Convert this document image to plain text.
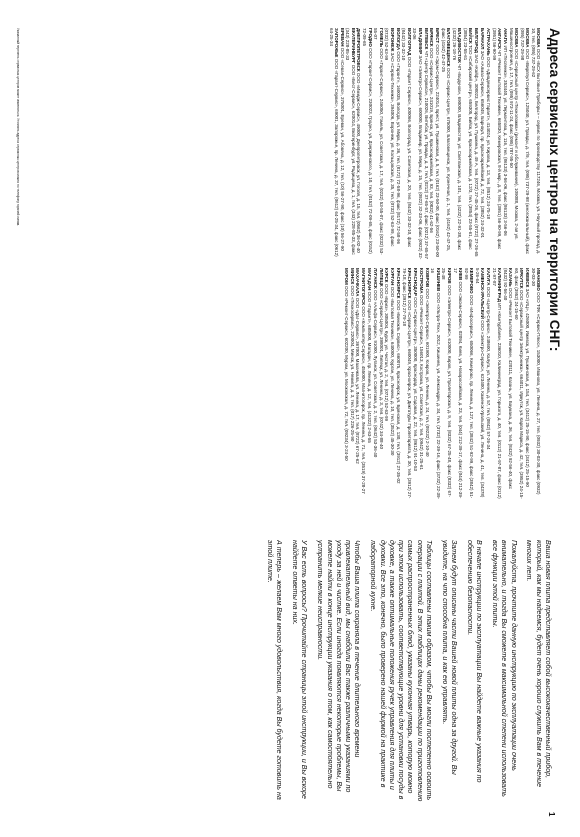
Адреса сервисных центров на территории СНГ:
МОСКВА ООО «БСХ Бытовые Приборы» – сервис по производству 117246, Москва, ул. Научный проезд, д. 10, тел. (095) 737-29-62
МОСКВА ООО «Вирлпул Сервис», 125040, ул. Правды, д. 7/9, тел. (095) 737-29-98 (многоканальный), факс (095) 737-29-98
МОСКВА ООО «Сервисный центр «Техноложка» (ремонт и обслуживание), 109088, Москва, 2-ая ул. Машиностроения, д. 17, тел. (095) 973-11-24, факс (095) 787-95-50
АНАПА ИП «Тесленко», 353440, ул. Лермонтова, д. 116, тел. (86133) 3-56-06, факс (86133) 3-56-06
АНГАРСК ЧП «Ремонт Бытовой Техники», 665830, Кемеровская, 8-й мкр., д. 8, тел. (3951) 56-90-99, факс (3951) 56-90-99
АСТРАХАНЬ ООО «Диадемсервис Гарант», 414024, ул. Кирова, д. 13, тел. (8512) 24-75-18
БАРНАУЛ ЗАО «Алмаз-Сервис», 656049, Барнаул, пр. Красноармейский, д. 72, тел. (3852) 24-32-01
БЕЛГОРОД ЗАО «Кайф», 308023, Белгород, ул. Пушкина, д. 49 А, тел. (0722) 27-45-26, факс (0722) 27-26-65
БИЙСК ТОО «Сибирский центр», 659305, Бийск, ул. Красноармейская, д. 12/3, тел. (3854) 23-55-61, факс (3854) 23-55-61
ВЛАДИВОСТОК ЧП «Бодунов», 690000, Владивосток, ул. Светланская, д. 101, тел. (4232) 22-91-38, факс (4232) 26-18-76
БЛАГОВЕЩЕНСК ООО «Сервис-Центр», 675000, Благовещенск, ул. Кузнечная, д. 1, тел. (4162) 42-47-25, факс (4162) 42-47-25
БРЕСТ ООО «Эдэм-Сервис», 224014, Брест, ул. Пушкинская, д. 5, тел. (0162) 23-50-00, факс (0162) 23-50-00
БРЯНСК ООО «Сервис-Центр», 241019, Брянск, ул. Красноармейская, д. 93, тел. (0832) 41-62-56
ВИТЕБСК ЧП «Центр Сервиса», 210026, Витебск, ул. Правды, д. 3, тел. (0212) 37-65-57, факс (0212) 37-65-57
ВЛАДИМИР ЗАО «Электро-Сервис», 600000, Владимир, ул. Мира, д. 15, тел. (0922) 32-33-06, факс (0922) 32-33-06
ВОЛГОГРАД ООО «Гарант Сервис», 400066, Волгоград, ул. Советская, д. 20, тел. (8442) 33-32-10, факс (8442) 33-32-10
ВОЛОГДА ООО «Гарант», 160035, Вологда, ул. Мира, д. 36, тел. (8172) 72-58-96, факс (8172) 72-58-96
ВОРОНЕЖ ЗАО «Сервис-Техника», 394006, Воронеж, ул. Кольцовская, д. 35, тел. (0732) 52-63-99, факс (0732) 52-63-99
ГОМЕЛЬ ООО «Гарант-Сервис», 246050, Гомель, ул. Советская, д. 17, тел. (0232) 53-55-07, факс (0232) 53-55-07
ГРОДНО ООО «Гарант-Сервис», 230023, Гродно, ул. Дзержинского, д. 10, тел. (0152) 72-09-65, факс (0152) 72-09-65
ДНЕПРОПЕТРОВСК ООО «Имидж-Сервис», 49000, Днепропетровск, ул. Гоголя, д. 15, тел. (0562) 36-02-40
ЕКАТЕРИНБУРГ ООО «Бест-Сервис», 620014, Екатеринбург, ул. Радищева, д. 1, тел. (343) 228-85-33, факс (343) 228-85-33
ЕРЕВАН ООО «Севан-Сервис», 375001, Ереван, ул. Абовяна, д. 12, тел. (10) 56-27-90, факс (10) 56-27-90
ЗАПОРОЖЬЕ ООО «Гарант-Сервис», 69001, Запорожье, пр. Ленина, д. 37, тел. (0612) 64-25-34, факс (0612) 64-25-34
ИВАНОВО ООО ТФК «Сервис-Плюс», 153000, Иваново, ул. Ленина, д. 27, тел. (0932) 30-03-30, факс (0932) 30-03-30
ИЖЕВСК ЗАО «ИЦ», 426000, Ижевск, ул. Пушкинская, д. 154, тел. (3412) 25-15-90, факс (3412) 25-15-90
ИРКУТСК ООО «Сервисный центр Электроника», 664011, Иркутск, ул. Карла Маркса, д. 42, тел. (3952) 24-15-60, факс (3952) 24-15-60
КАЗАНЬ ООО «Ремонт Бытовой Техники», 420111, Казань, ул. Баумана, д. 36, тел. (8432) 92-56-40, факс (8432) 92-56-40
КАЛИНИНГРАД ИП «Кантурбаев», 236010, Калининград, ул. Горького, д. 40, тел. (0112) 21-97-87, факс (0112) 21-97-87
КАЛУГА ООО «Центр-Сервис», 248600, Калуга, ул. Ленина, д. 57, тел. (0842) 57-26-34
КАМЕНСК-УРАЛЬСКИЙ ООО «Электро-Сервис», 623400, Каменск-Уральский, ул. Ленина, д. 41, тел. (34378) 5-26-64
КЕМЕРОВО ООО «Инфосервис», 650066, Кемерово, пр. Ленина, д. 127, тел. (3842) 51-92-99, факс (3842) 51-92-99
КИЕВ ООО «Эксим-Сервис», 02094, Киев, ул. Новороссийская, д. 23, тел. (044) 212-39-17, факс (044) 212-39-17
КИРОВ ООО «Электро-Сервис», 610000, Киров, ул. Пролетарская, д. 9, тел. (8332) 67-25-48, факс (8332) 67-25-48
КИШИНЕВ ООО «Ультра-Тех», 2012, Кишинев, ул. Александри, д. 34, тел. (3732) 22-39-16, факс (3732) 22-39-16
КОВРОВ ООО «Электро-Сервис», 601900, Ковров, ул. Ленина, д. 24, тел. (09232) 2-10-40
КОСТРОМА ООО «Ремонт-Сервис», 156013, Кострома, ул. Советская, д. 2, тел. (0942) 31-25-61
КРАСНОДАР ООО «Сервис-Центр», 350000, Краснодар, ул. Садовая, д. 22, тел. (8612) 91-10-53
КРАСНОЯРСК ООО «Сервис-Центр», 660049, Красноярск, ул. Диктатуры Пролетариата, д. 30, тел. (3912) 27-79-18, факс (3912) 27-79-18
КРАСНОЯРСК ООО «Бинокль Сервис», 660075, Красноярск, ул. Брянская, д. 130, тел. (3912) 27-35-02
КУРГАН ООО «Бытовая Техника», 640000, Курган, ул. Ленина, д. 10, тел. (3522) 45-30-30
КУРСК ООО «Бриз», 305004, Курск, ул. Чистая, д. 2, тел. (0712) 52-63-99
ЛИПЕЦК ООО «Сервис-Центр», 398001, Липецк, ул. Ленина, д. 3, тел. (0742) 34-88-40
ЛУГАНСК ООО «Альфа-Сервис», 91000, Луганск, ул. Советская, д. 2, тел. (0642) 53-36-40
МАГАДАН ООО «Гарант», 685000, Магадан, пр. Ленина, д. 12, тел. (41322) 2-63-55
МАГНИТОГОРСК ООО «Компьютер-Сервис», 455000, Магнитогорск, пр. Ленина, д. 71, тел. (3519) 37-28-27
МАХАЧКАЛА ООО «Даг-Сервис», 367000, Махачкала, ул. Ленина, д. 17, тел. (8722) 67-25-62
МИНСК ООО «Техносервис», 220004, Минск, ул. Немига, д. 3, тел. (017) 226-25-90
МУРОМ ООО «Ремонт-Сервис», 602200, Муром, ул. Московская, д. 72, тел. (09234) 3-24-50
Указанный перечень сервисных центров может изменяться. Уточнить адреса сервисных центров можно по телефону горячей линии.

Ваша новая плита представляет собой высококачественный прибор, который, как мы надеемся, будет очень хорошо служить Вам в течение многих лет.

Пожалуйста, прочтите данную инструкцию по эксплуатации очень внимательно, и тогда Вы сможете в максимальной степени использовать все функции этой плиты.

В начале инструкции по эксплуатации Вы найдете важные указания по обеспечению безопасности.

Затем будут описаны части Вашей новой плиты одна за другой. Вы увидите, на что способна плита, и как ею управлять.

Таблицы составлены таким образом, чтобы Вы могли постепенно освоить операции с плитой. В этих таблицах даны рекомендации по приготовлению самых распространенных блюд, указаны кухонная утварь, которую можно при этом использовать, соответствующие уровни для установки посуды в духовке, а также оптимальные положения ручек управления для плиты и духовки. Все это, конечно, было проверено нашей фирмой на практике в лабораторной кухне.

Чтобы Ваша плита сохраняла в течение длительного времени привлекательный вид, мы снабдили Вас также различными указаниями по уходу за ней и чистке. Если иногда появляются некоторые проблемы, Вы можете найти в конце инструкции указания о том, как самостоятельно устранить мелкие неисправности.

У Вас есть вопросы? Прочитайте страницы этой инструкции, и Вы вскоре найдете ответы на них.

А теперь – желаем Вам много удовольствия, когда Вы будете готовить на этой плите.

1
